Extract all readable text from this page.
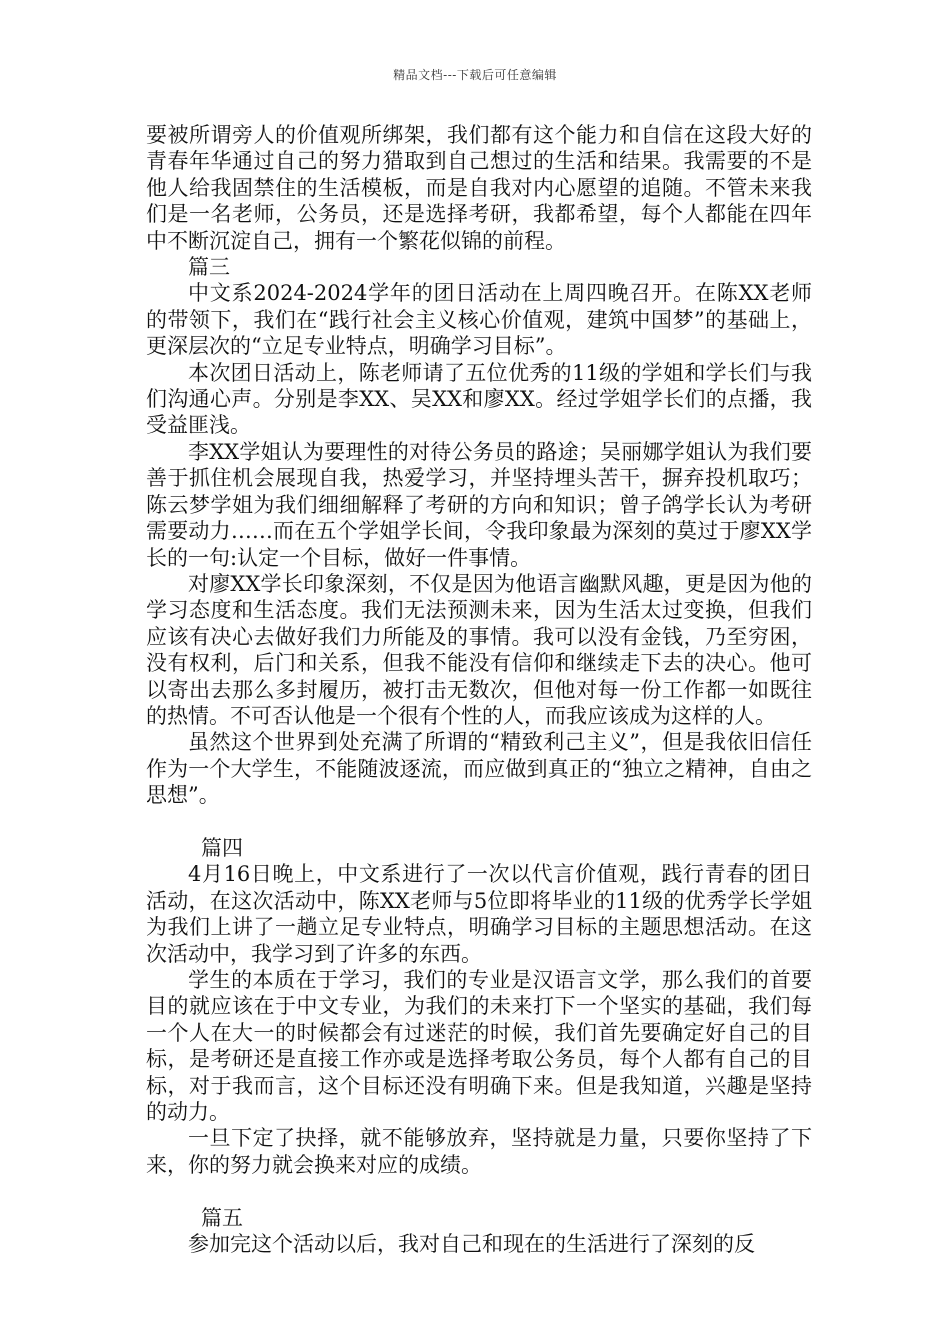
精品文档---下载后可任意编辑

要被所谓旁人的价值观所绑架，我们都有这个能力和自信在这段大好的青春年华通过自己的努力猎取到自己想过的生活和结果。我需要的不是他人给我固禁住的生活模板，而是自我对内心愿望的追随。不管未来我们是一名老师，公务员，还是选择考研，我都希望，每个人都能在四年中不断沉淀自己，拥有一个繁花似锦的前程。

篇三

中文系2024-2024学年的团日活动在上周四晚召开。在陈XX老师的带领下，我们在“践行社会主义核心价值观，建筑中国梦”的基础上，更深层次的“立足专业特点，明确学习目标”。

本次团日活动上，陈老师请了五位优秀的11级的学姐和学长们与我们沟通心声。分别是李XX、吴XX和廖XX。经过学姐学长们的点播，我受益匪浅。

李XX学姐认为要理性的对待公务员的路途；吴丽娜学姐认为我们要善于抓住机会展现自我，热爱学习，并坚持埋头苦干，摒弃投机取巧；陈云梦学姐为我们细细解释了考研的方向和知识；曾子鸽学长认为考研需要动力……而在五个学姐学长间，令我印象最为深刻的莫过于廖XX学长的一句:认定一个目标，做好一件事情。

对廖XX学长印象深刻，不仅是因为他语言幽默风趣，更是因为他的学习态度和生活态度。我们无法预测未来，因为生活太过变换，但我们应该有决心去做好我们力所能及的事情。我可以没有金钱，乃至穷困，没有权利，后门和关系，但我不能没有信仰和继续走下去的决心。他可以寄出去那么多封履历，被打击无数次，但他对每一份工作都一如既往的热情。不可否认他是一个很有个性的人，而我应该成为这样的人。

虽然这个世界到处充满了所谓的“精致利己主义”，但是我依旧信任作为一个大学生，不能随波逐流，而应做到真正的“独立之精神，自由之思想”。

篇四

4月16日晚上，中文系进行了一次以代言价值观，践行青春的团日活动，在这次活动中，陈XX老师与5位即将毕业的11级的优秀学长学姐为我们上讲了一趟立足专业特点，明确学习目标的主题思想活动。在这次活动中，我学习到了许多的东西。

学生的本质在于学习，我们的专业是汉语言文学，那么我们的首要目的就应该在于中文专业，为我们的未来打下一个坚实的基础，我们每一个人在大一的时候都会有过迷茫的时候，我们首先要确定好自己的目标，是考研还是直接工作亦或是选择考取公务员，每个人都有自己的目标，对于我而言，这个目标还没有明确下来。但是我知道，兴趣是坚持的动力。

一旦下定了抉择，就不能够放弃，坚持就是力量，只要你坚持了下来，你的努力就会换来对应的成绩。

篇五

参加完这个活动以后，我对自己和现在的生活进行了深刻的反
